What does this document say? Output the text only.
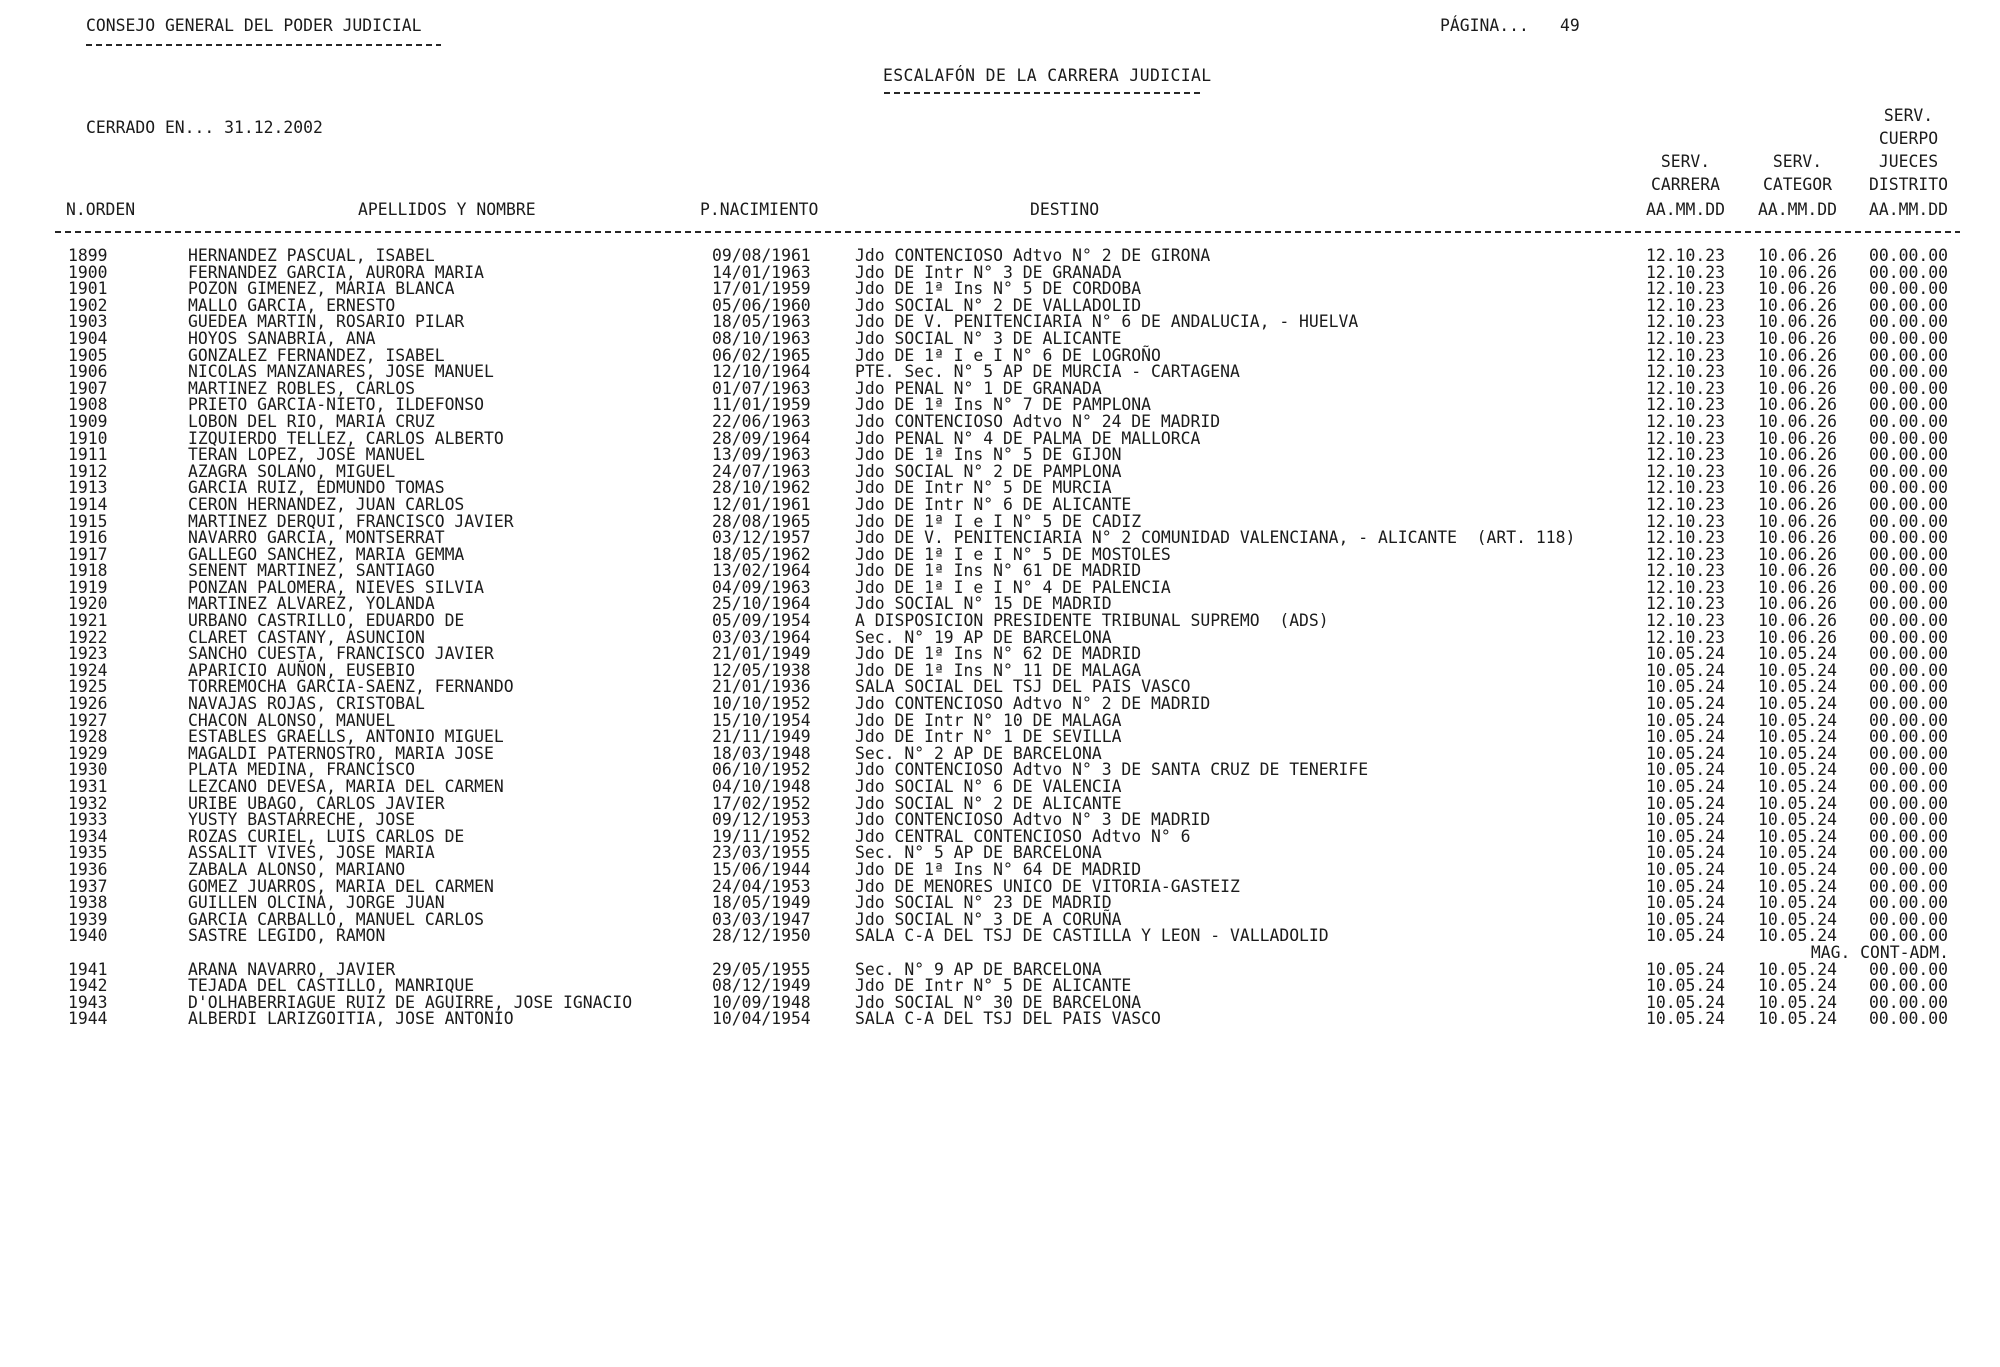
CONSEJO GENERAL DEL PODER JUDICIAL	PÁGINA... 49
ESCALAFÓN DE LA CARRERA JUDICIAL
CERRADO EN... 31.12.2002
SERV.
CUERPO
SERV.	SERV.	JUECES
CARRERA	CATEGOR	DISTRITO
N.ORDEN	APELLIDOS Y NOMBRE	P.NACIMIENTO	DESTINO	AA.MM.DD AA.MM.DD AA.MM.DD
1899	HERNANDEZ PASCUAL, ISABEL	09/08/1961	Jdo CONTENCIOSO Adtvo N° 2 DE GIRONA	12.10.23 10.06.26 00.00.00
1900	FERNANDEZ GARCIA, AURORA MARIA	14/01/1963	Jdo DE Intr N° 3 DE GRANADA	12.10.23 10.06.26 00.00.00
1901	POZON GIMENEZ, MARIA BLANCA	17/01/1959	Jdo DE 1ª Ins N° 5 DE CORDOBA	12.10.23 10.06.26 00.00.00
1902	MALLO GARCIA, ERNESTO	05/06/1960	Jdo SOCIAL N° 2 DE VALLADOLID	12.10.23 10.06.26 00.00.00
1903	GUEDEA MARTIN, ROSARIO PILAR	18/05/1963	Jdo DE V. PENITENCIARIA N° 6 DE ANDALUCIA, - HUELVA	12.10.23 10.06.26 00.00.00
1904	HOYOS SANABRIA, ANA	08/10/1963	Jdo SOCIAL N° 3 DE ALICANTE	12.10.23 10.06.26 00.00.00
1905	GONZALEZ FERNANDEZ, ISABEL	06/02/1965	Jdo DE 1ª I e I N° 6 DE LOGROÑO	12.10.23 10.06.26 00.00.00
1906	NICOLAS MANZANARES, JOSE MANUEL	12/10/1964	PTE. Sec. N° 5 AP DE MURCIA - CARTAGENA	12.10.23 10.06.26 00.00.00
1907	MARTINEZ ROBLES, CARLOS	01/07/1963	Jdo PENAL N° 1 DE GRANADA	12.10.23 10.06.26 00.00.00
1908	PRIETO GARCIA-NIETO, ILDEFONSO	11/01/1959	Jdo DE 1ª Ins N° 7 DE PAMPLONA	12.10.23 10.06.26 00.00.00
1909	LOBON DEL RIO, MARIA CRUZ	22/06/1963	Jdo CONTENCIOSO Adtvo N° 24 DE MADRID	12.10.23 10.06.26 00.00.00
1910	IZQUIERDO TELLEZ, CARLOS ALBERTO	28/09/1964	Jdo PENAL N° 4 DE PALMA DE MALLORCA	12.10.23 10.06.26 00.00.00
1911	TERAN LOPEZ, JOSE MANUEL	13/09/1963	Jdo DE 1ª Ins N° 5 DE GIJON	12.10.23 10.06.26 00.00.00
1912	AZAGRA SOLANO, MIGUEL	24/07/1963	Jdo SOCIAL N° 2 DE PAMPLONA	12.10.23 10.06.26 00.00.00
1913	GARCIA RUIZ, EDMUNDO TOMAS	28/10/1962	Jdo DE Intr N° 5 DE MURCIA	12.10.23 10.06.26 00.00.00
1914	CERON HERNANDEZ, JUAN CARLOS	12/01/1961	Jdo DE Intr N° 6 DE ALICANTE	12.10.23 10.06.26 00.00.00
1915	MARTINEZ DERQUI, FRANCISCO JAVIER	28/08/1965	Jdo DE 1ª I e I N° 5 DE CADIZ	12.10.23 10.06.26 00.00.00
1916	NAVARRO GARCIA, MONTSERRAT	03/12/1957	Jdo DE V. PENITENCIARIA N° 2 COMUNIDAD VALENCIANA, - ALICANTE  (ART. 118)	12.10.23 10.06.26 00.00.00
1917	GALLEGO SANCHEZ, MARIA GEMMA	18/05/1962	Jdo DE 1ª I e I N° 5 DE MOSTOLES	12.10.23 10.06.26 00.00.00
1918	SENENT MARTINEZ, SANTIAGO	13/02/1964	Jdo DE 1ª Ins N° 61 DE MADRID	12.10.23 10.06.26 00.00.00
1919	PONZAN PALOMERA, NIEVES SILVIA	04/09/1963	Jdo DE 1ª I e I N° 4 DE PALENCIA	12.10.23 10.06.26 00.00.00
1920	MARTINEZ ALVAREZ, YOLANDA	25/10/1964	Jdo SOCIAL N° 15 DE MADRID	12.10.23 10.06.26 00.00.00
1921	URBANO CASTRILLO, EDUARDO DE	05/09/1954	A DISPOSICION PRESIDENTE TRIBUNAL SUPREMO  (ADS)	12.10.23 10.06.26 00.00.00
1922	CLARET CASTANY, ASUNCION	03/03/1964	Sec. N° 19 AP DE BARCELONA	12.10.23 10.06.26 00.00.00
1923	SANCHO CUESTA, FRANCISCO JAVIER	21/01/1949	Jdo DE 1ª Ins N° 62 DE MADRID	10.05.24 10.05.24 00.00.00
1924	APARICIO AUÑON, EUSEBIO	12/05/1938	Jdo DE 1ª Ins N° 11 DE MALAGA	10.05.24 10.05.24 00.00.00
1925	TORREMOCHA GARCIA-SAENZ, FERNANDO	21/01/1936	SALA SOCIAL DEL TSJ DEL PAIS VASCO	10.05.24 10.05.24 00.00.00
1926	NAVAJAS ROJAS, CRISTOBAL	10/10/1952	Jdo CONTENCIOSO Adtvo N° 2 DE MADRID	10.05.24 10.05.24 00.00.00
1927	CHACON ALONSO, MANUEL	15/10/1954	Jdo DE Intr N° 10 DE MALAGA	10.05.24 10.05.24 00.00.00
1928	ESTABLES GRAELLS, ANTONIO MIGUEL	21/11/1949	Jdo DE Intr N° 1 DE SEVILLA	10.05.24 10.05.24 00.00.00
1929	MAGALDI PATERNOSTRO, MARIA JOSE	18/03/1948	Sec. N° 2 AP DE BARCELONA	10.05.24 10.05.24 00.00.00
1930	PLATA MEDINA, FRANCISCO	06/10/1952	Jdo CONTENCIOSO Adtvo N° 3 DE SANTA CRUZ DE TENERIFE	10.05.24 10.05.24 00.00.00
1931	LEZCANO DEVESA, MARIA DEL CARMEN	04/10/1948	Jdo SOCIAL N° 6 DE VALENCIA	10.05.24 10.05.24 00.00.00
1932	URIBE UBAGO, CARLOS JAVIER	17/02/1952	Jdo SOCIAL N° 2 DE ALICANTE	10.05.24 10.05.24 00.00.00
1933	YUSTY BASTARRECHE, JOSE	09/12/1953	Jdo CONTENCIOSO Adtvo N° 3 DE MADRID	10.05.24 10.05.24 00.00.00
1934	ROZAS CURIEL, LUIS CARLOS DE	19/11/1952	Jdo CENTRAL CONTENCIOSO Adtvo N° 6	10.05.24 10.05.24 00.00.00
1935	ASSALIT VIVES, JOSE MARIA	23/03/1955	Sec. N° 5 AP DE BARCELONA	10.05.24 10.05.24 00.00.00
1936	ZABALA ALONSO, MARIANO	15/06/1944	Jdo DE 1ª Ins N° 64 DE MADRID	10.05.24 10.05.24 00.00.00
1937	GOMEZ JUARROS, MARIA DEL CARMEN	24/04/1953	Jdo DE MENORES UNICO DE VITORIA-GASTEIZ	10.05.24 10.05.24 00.00.00
1938	GUILLEN OLCINA, JORGE JUAN	18/05/1949	Jdo SOCIAL N° 23 DE MADRID	10.05.24 10.05.24 00.00.00
1939	GARCIA CARBALLO, MANUEL CARLOS	03/03/1947	Jdo SOCIAL N° 3 DE A CORUÑA	10.05.24 10.05.24 00.00.00
1940	SASTRE LEGIDO, RAMON	28/12/1950	SALA C-A DEL TSJ DE CASTILLA Y LEON - VALLADOLID	10.05.24 10.05.24 00.00.00
MAG. CONT-ADM.
1941	ARANA NAVARRO, JAVIER	29/05/1955	Sec. N° 9 AP DE BARCELONA	10.05.24 10.05.24 00.00.00
1942	TEJADA DEL CASTILLO, MANRIQUE	08/12/1949	Jdo DE Intr N° 5 DE ALICANTE	10.05.24 10.05.24 00.00.00
1943	D'OLHABERRIAGUE RUIZ DE AGUIRRE, JOSE IGNACIO	10/09/1948	Jdo SOCIAL N° 30 DE BARCELONA	10.05.24 10.05.24 00.00.00
1944	ALBERDI LARIZGOITIA, JOSE ANTONIO	10/04/1954	SALA C-A DEL TSJ DEL PAIS VASCO	10.05.24 10.05.24 00.00.00
